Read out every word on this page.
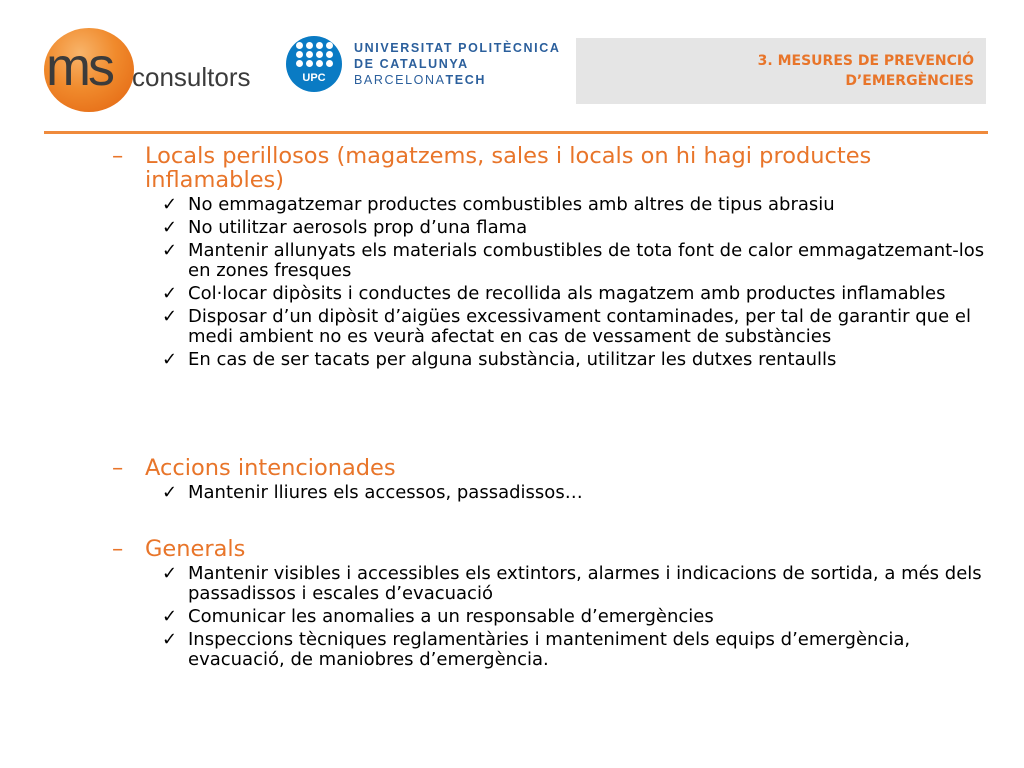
ms consultors	UPC
UNIVERSITAT POLITÈCNICA
DE CATALUNYA
BARCELONATECH
3. MESURES DE PREVENCIÓ
D’EMERGÈNCIES
– Locals perillosos (magatzems, sales i locals on hi hagi productes inflamables)
✓ No emmagatzemar productes combustibles amb altres de tipus abrasiu
✓ No utilitzar aerosols prop d’una flama
✓ Mantenir allunyats els materials combustibles de tota font de calor emmagatzemant-los en zones fresques
✓ Col·locar dipòsits i conductes de recollida als magatzem amb productes inflamables
✓ Disposar d’un dipòsit d’aigües excessivament contaminades, per tal de garantir que el medi ambient no es veurà afectat en cas de vessament de substàncies
✓ En cas de ser tacats per alguna substància, utilitzar les dutxes rentaulls
– Accions intencionades
✓ Mantenir lliures els accessos, passadissos…
– Generals
✓ Mantenir visibles i accessibles els extintors, alarmes i indicacions de sortida, a més dels passadissos i escales d’evacuació
✓ Comunicar les anomalies a un responsable d’emergències
✓ Inspeccions tècniques reglamentàries i manteniment dels equips d’emergència, evacuació, de maniobres d’emergència.
